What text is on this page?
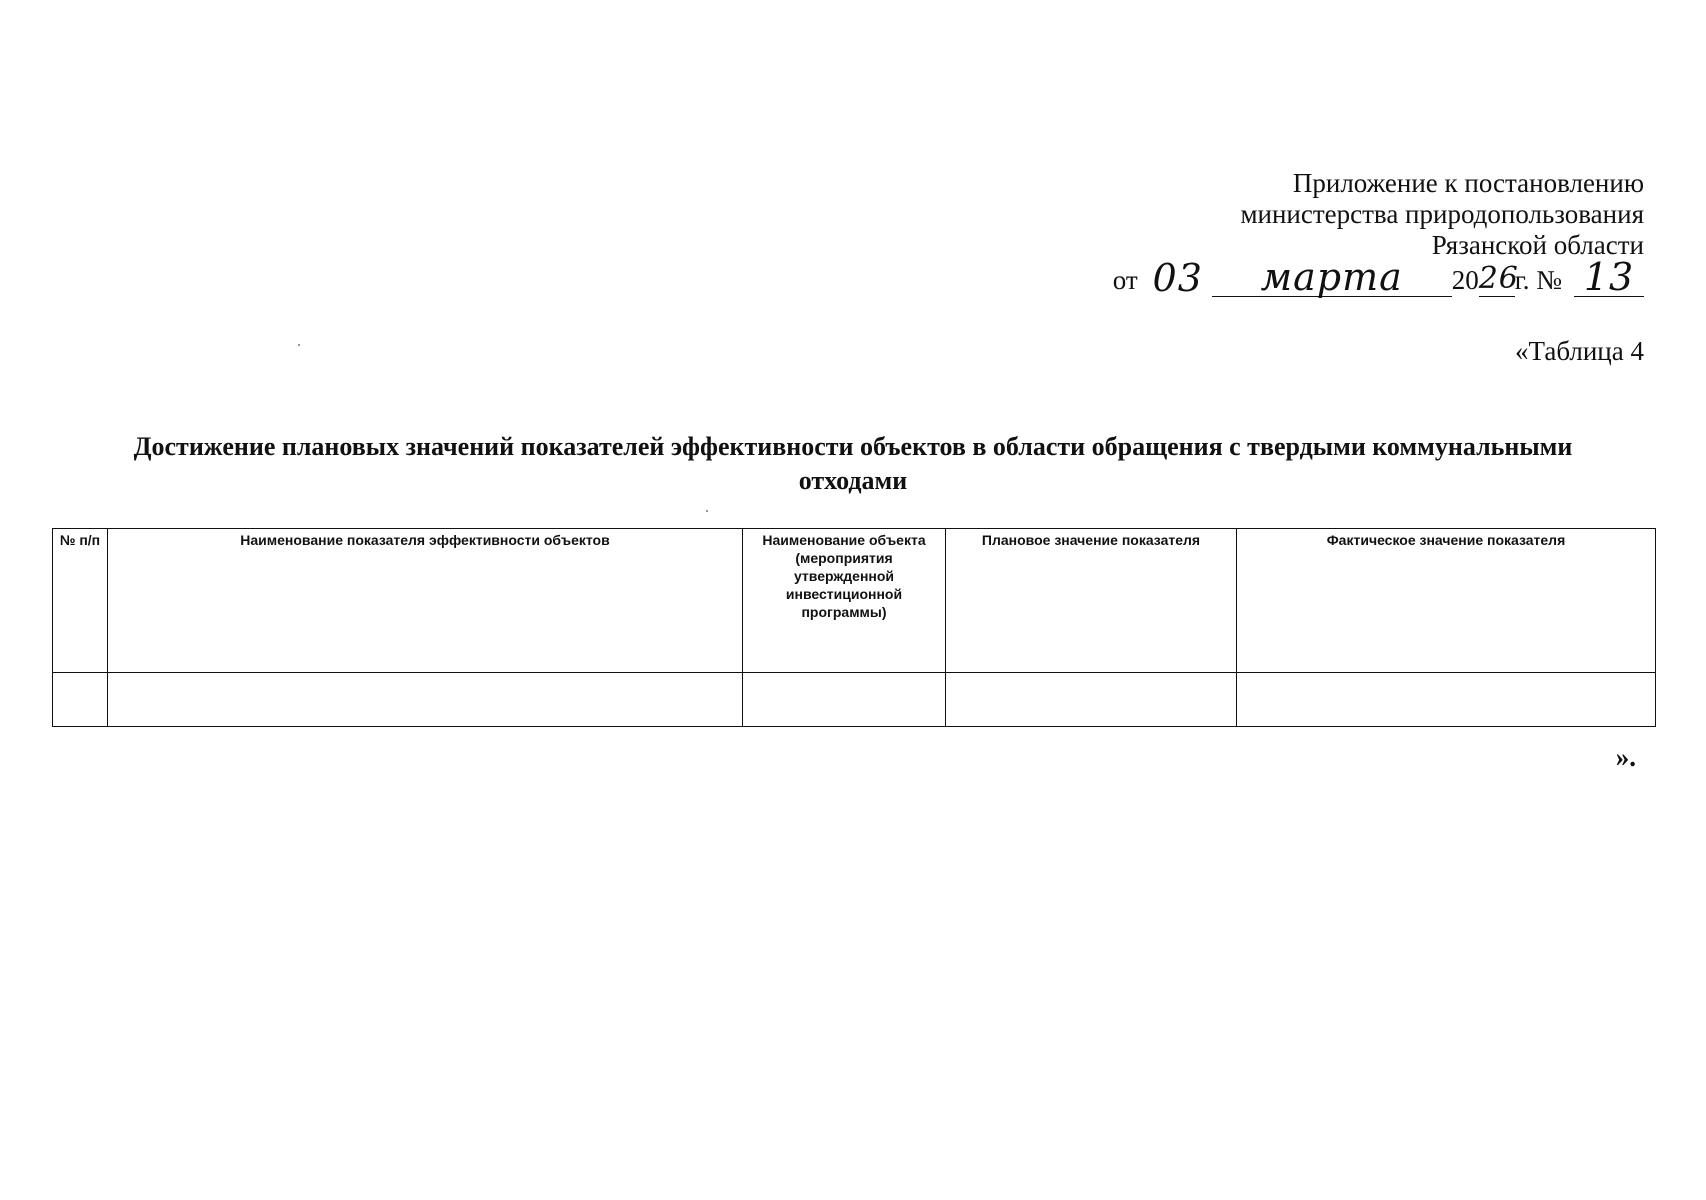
Приложение к постановлению
министерства природопользования
Рязанской области
от 03	марта	20 26
г. № 13
«Таблица 4
Достижение плановых значений показателей эффективности объектов в области обращения с твердыми коммунальными отходами
№ п/п	Наименование показателя эффективности объектов	Наименование объекта (мероприятия утвержденной инвестиционной программы)	Плановое значение показателя	Фактическое значение показателя

».
